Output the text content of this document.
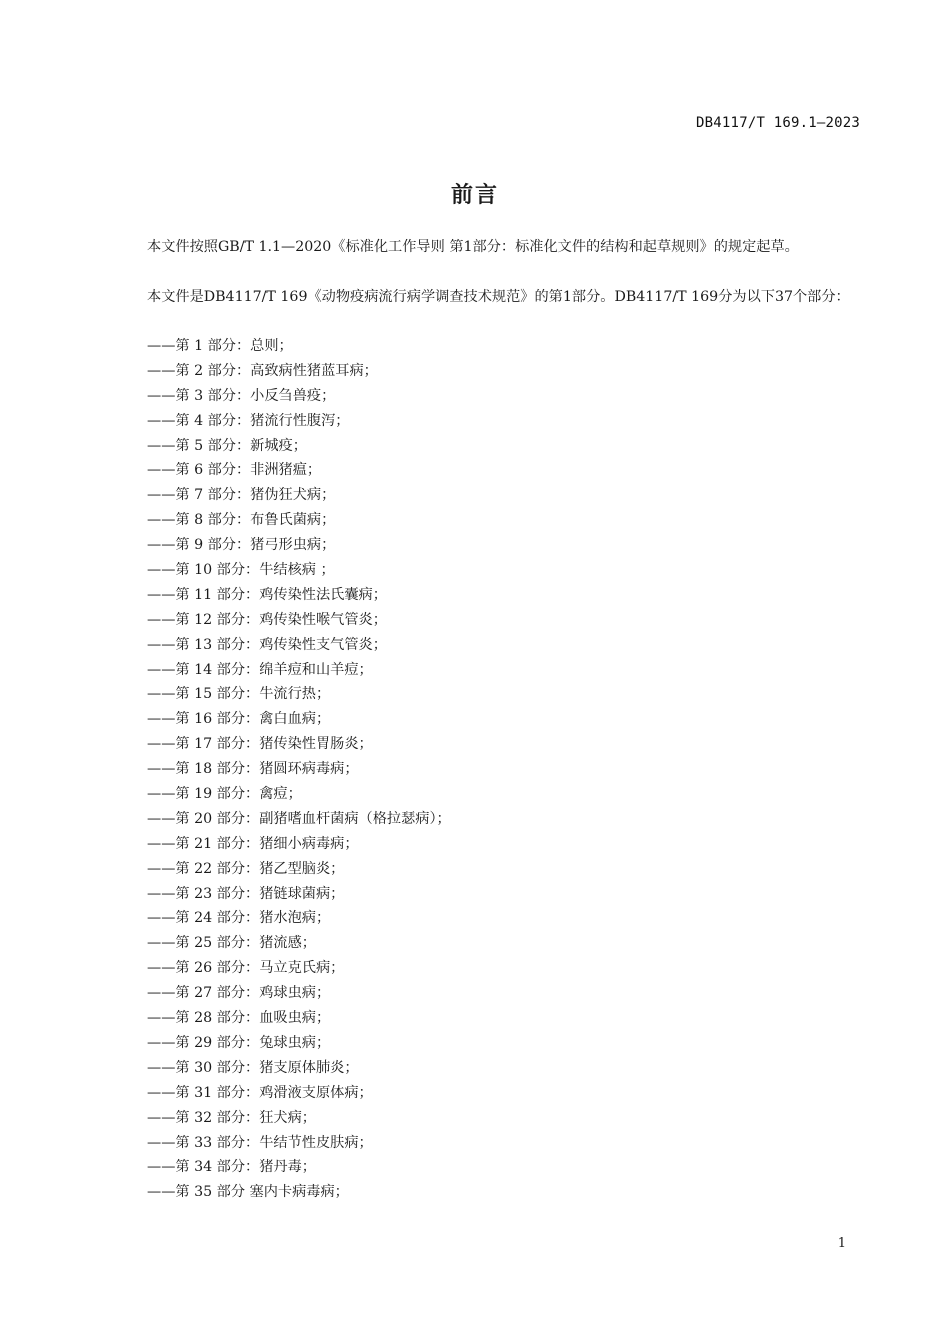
DB4117/T 169.1—2023
前言
本文件按照GB/T 1.1—2020《标准化工作导则 第1部分：标准化文件的结构和起草规则》的规定起草。
本文件是DB4117/T 169《动物疫病流行病学调查技术规范》的第1部分。DB4117/T 169分为以下37个部分：
——第 1 部分：总则；
——第 2 部分：高致病性猪蓝耳病；
——第 3 部分：小反刍兽疫；
——第 4 部分：猪流行性腹泻；
——第 5 部分：新城疫；
——第 6 部分：非洲猪瘟；
——第 7 部分：猪伪狂犬病；
——第 8 部分：布鲁氏菌病；
——第 9 部分：猪弓形虫病；
——第 10 部分：牛结核病 ；
——第 11 部分：鸡传染性法氏囊病；
——第 12 部分：鸡传染性喉气管炎；
——第 13 部分：鸡传染性支气管炎；
——第 14 部分：绵羊痘和山羊痘；
——第 15 部分：牛流行热；
——第 16 部分：禽白血病；
——第 17 部分：猪传染性胃肠炎；
——第 18 部分：猪圆环病毒病；
——第 19 部分：禽痘；
——第 20 部分：副猪嗜血杆菌病（格拉瑟病）；
——第 21 部分：猪细小病毒病；
——第 22 部分：猪乙型脑炎；
——第 23 部分：猪链球菌病；
——第 24 部分：猪水泡病；
——第 25 部分：猪流感；
——第 26 部分：马立克氏病；
——第 27 部分：鸡球虫病；
——第 28 部分：血吸虫病；
——第 29 部分：兔球虫病；
——第 30 部分：猪支原体肺炎；
——第 31 部分：鸡滑液支原体病；
——第 32 部分：狂犬病；
——第 33 部分：牛结节性皮肤病；
——第 34 部分：猪丹毒；
——第 35 部分 塞内卡病毒病；
1
